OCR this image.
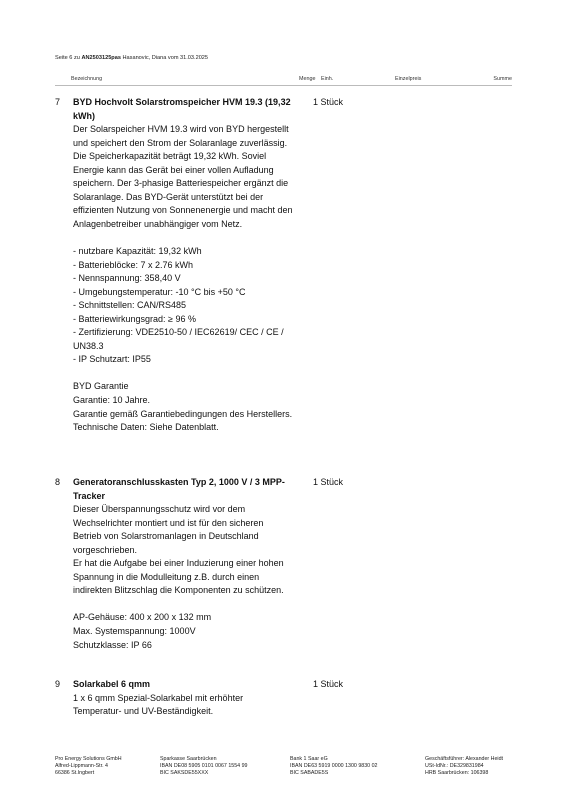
Seite 6 zu AN2503125pas Hasanovic, Diana vom 31.03.2025
Bezeichnung	Menge Einh.	Einzelpreis	Summe
7 BYD Hochvolt Solarstromspeicher HVM 19.3 (19,32 kWh)

Der Solarspeicher HVM 19.3 wird von BYD hergestellt und speichert den Strom der Solaranlage zuverlässig. Die Speicherkapazität beträgt 19,32 kWh. Soviel Energie kann das Gerät bei einer vollen Aufladung speichern. Der 3-phasige Batteriespeicher ergänzt die Solaranlage. Das BYD-Gerät unterstützt bei der effizienten Nutzung von Sonnenenergie und macht den Anlagenbetreiber unabhängiger vom Netz.

- nutzbare Kapazität: 19,32 kWh

- Batterieblöcke: 7 x 2.76 kWh

- Nennspannung: 358,40 V

- Umgebungstemperatur: -10 °C bis +50 °C

- Schnittstellen: CAN/RS485

- Batteriewirkungsgrad: ≥ 96 %

- Zertifizierung: VDE2510-50 / IEC62619/ CEC / CE / UN38.3

- IP Schutzart: IP55

BYD Garantie

Garantie: 10 Jahre.

Garantie gemäß Garantiebedingungen des Herstellers.

Technische Daten: Siehe Datenblatt.

1 Stück
8 Generatoranschlusskasten Typ 2, 1000 V / 3 MPP-Tracker

Dieser Überspannungsschutz wird vor dem Wechselrichter montiert und ist für den sicheren Betrieb von Solarstromanlagen in Deutschland vorgeschrieben.

Er hat die Aufgabe bei einer Induzierung einer hohen Spannung in die Modulleitung z.B. durch einen indirekten Blitzschlag die Komponenten zu schützen.

AP-Gehäuse: 400 x 200 x 132 mm

Max. Systemspannung: 1000V

Schutzklasse: IP 66

1 Stück
9 Solarkabel 6 qmm

1 x 6 qmm Spezial-Solarkabel mit erhöhter Temperatur- und UV-Beständigkeit.

1 Stück
Pro Energy Solutions GmbH
Alfred-Lippmann-Str. 4
66386 St.Ingbert
Sparkasse Saarbrücken
IBAN DE08 5905 0101 0067 1554 99
BIC SAKSDE55XXX
Bank 1 Saar eG
IBAN DE63 5919 0000 1300 9830 02
BIC SABADE5S
Geschäftsführer: Alexander Heidt
USt-IdNr.: DE329831984
HRB Saarbrücken: 106398
